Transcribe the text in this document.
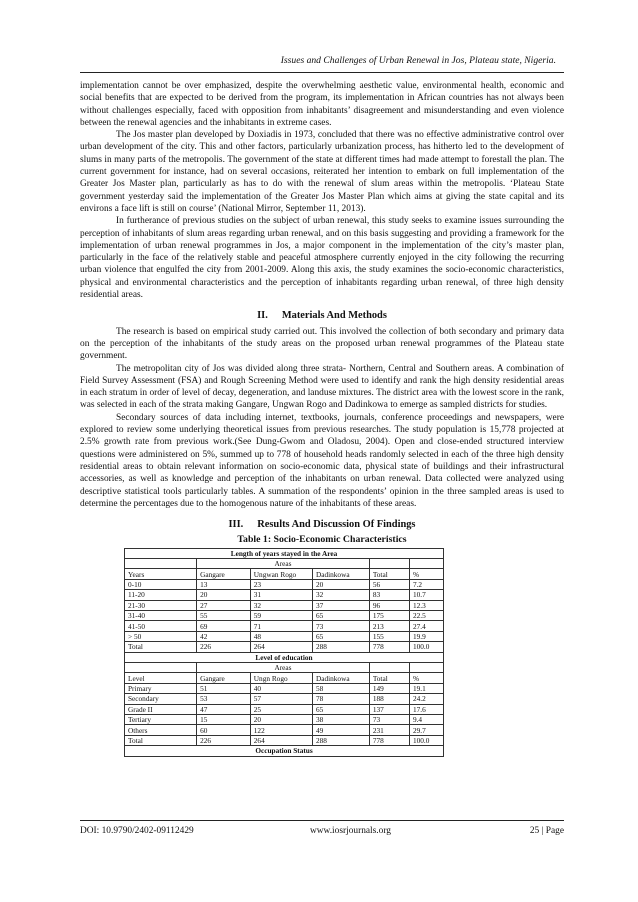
Issues and Challenges of Urban Renewal in Jos, Plateau state, Nigeria.

implementation cannot be over emphasized, despite the overwhelming aesthetic value, environmental health, economic and social benefits that are expected to be derived from the program, its implementation in African countries has not always been without challenges especially, faced with opposition from inhabitants’ disagreement and misunderstanding and even violence between the renewal agencies and the inhabitants in extreme cases.

The Jos master plan developed by Doxiadis in 1973, concluded that there was no effective administrative control over urban development of the city. This and other factors, particularly urbanization process, has hitherto led to the development of slums in many parts of the metropolis. The government of the state at different times had made attempt to forestall the plan. The current government for instance, had on several occasions, reiterated her intention to embark on full implementation of the Greater Jos Master plan, particularly as has to do with the renewal of slum areas within the metropolis. ‘Plateau State government yesterday said the implementation of the Greater Jos Master Plan which aims at giving the state capital and its environs a face lift is still on course’ (National Mirror, September 11, 2013).

In furtherance of previous studies on the subject of urban renewal, this study seeks to examine issues surrounding the perception of inhabitants of slum areas regarding urban renewal, and on this basis suggesting and providing a framework for the implementation of urban renewal programmes in Jos, a major component in the implementation of the city’s master plan, particularly in the face of the relatively stable and peaceful atmosphere currently enjoyed in the city following the recurring urban violence that engulfed the city from 2001-2009. Along this axis, the study examines the socio-economic characteristics, physical and environmental characteristics and the perception of inhabitants regarding urban renewal, of three high density residential areas.

II. Materials And Methods

The research is based on empirical study carried out. This involved the collection of both secondary and primary data on the perception of the inhabitants of the study areas on the proposed urban renewal programmes of the Plateau state government.

The metropolitan city of Jos was divided along three strata- Northern, Central and Southern areas. A combination of Field Survey Assessment (FSA) and Rough Screening Method were used to identify and rank the high density residential areas in each stratum in order of level of decay, degeneration, and landuse mixtures. The district area with the lowest score in the rank, was selected in each of the strata making Gangare, Ungwan Rogo and Dadinkowa to emerge as sampled districts for studies.

Secondary sources of data including internet, textbooks, journals, conference proceedings and newspapers, were explored to review some underlying theoretical issues from previous researches. The study population is 15,778 projected at 2.5% growth rate from previous work.(See Dung-Gwom and Oladosu, 2004). Open and close-ended structured interview questions were administered on 5%, summed up to 778 of household heads randomly selected in each of the three high density residential areas to obtain relevant information on socio-economic data, physical state of buildings and their infrastructural accessories, as well as knowledge and perception of the inhabitants on urban renewal. Data collected were analyzed using descriptive statistical tools particularly tables. A summation of the respondents’ opinion in the three sampled areas is used to determine the percentages due to the homogenous nature of the inhabitants of these areas.

III. Results And Discussion Of Findings
Table 1: Socio-Economic Characteristics
Length of years stayed in the Area					
	Areas				
Years	Gangare	Ungwan Rogo	Dadinkowa	Total	%
0-10	13	23	20	56	7.2
11-20	20	31	32	83	10.7
21-30	27	32	37	96	12.3
31-40	55	59	65	175	22.5
41-50	69	71	73	213	27.4
> 50	42	48	65	155	19.9
Total	226	264	288	778	100.0
Level of education					
	Areas				
Level	Gangare	Ungn Rogo	Dadinkowa	Total	%
Primary	51	40	58	149	19.1
Secondary	53	57	78	188	24.2
Grade II	47	25	65	137	17.6
Tertiary	15	20	38	73	9.4
Others	60	122	49	231	29.7
Total	226	264	288	778	100.0
Occupation Status					
DOI: 10.9790/2402-09112429	www.iosrjournals.org	25 | Page
